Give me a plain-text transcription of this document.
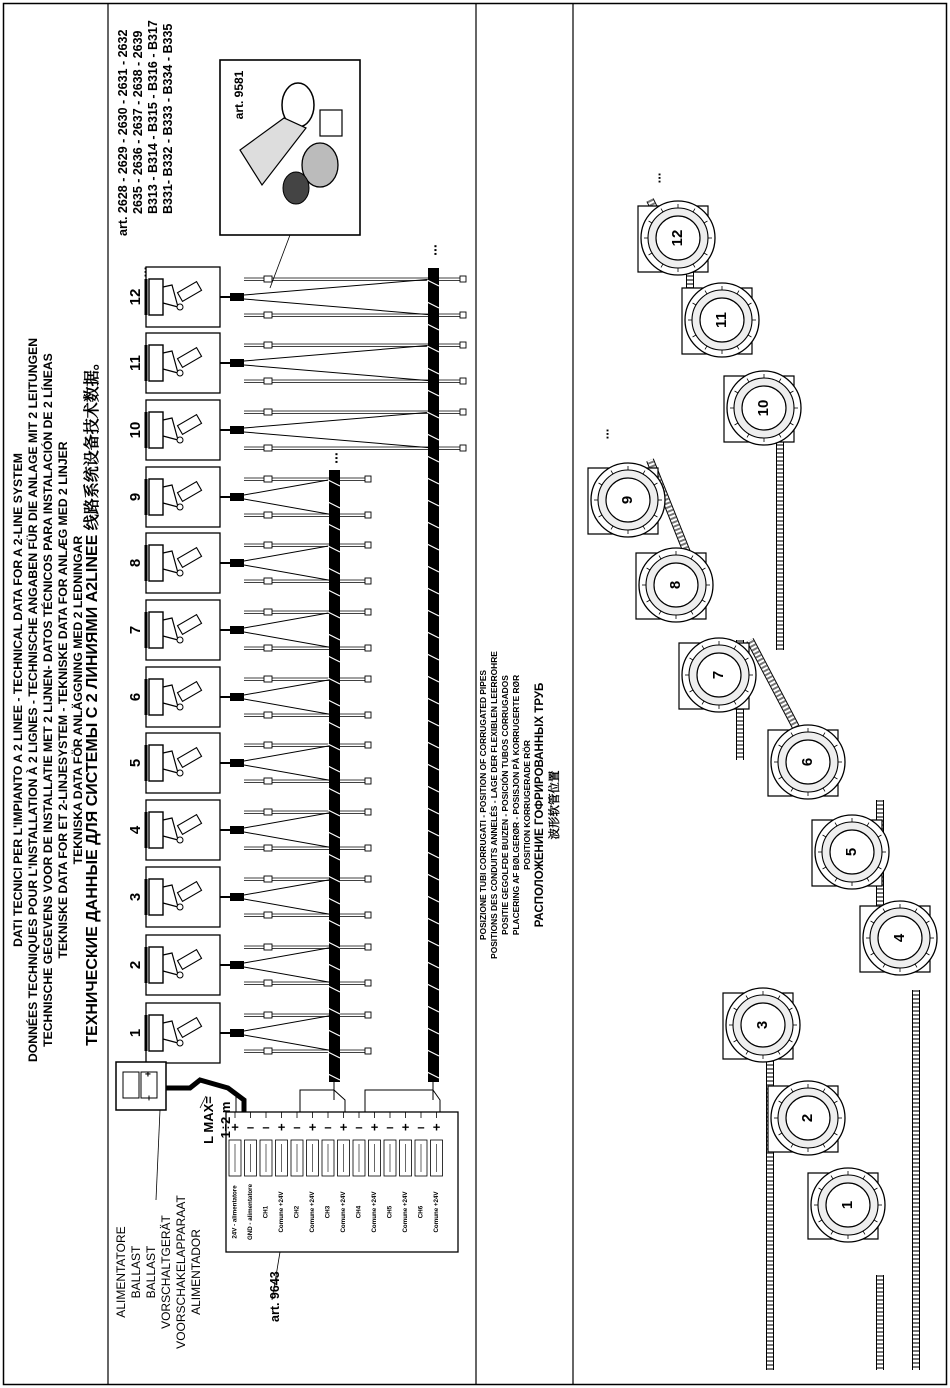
1
2
3
4
5
6
7
8
9
10
11
12
...
...
...
...
...
+
24V - alimentatore
–
GND - alimentatore
–
CH1
+
Comune +24V
–
CH2
+
Comune +24V
–
CH3
+
Comune +24V
–
CH4
+
Comune +24V
–
CH5
+
Comune +24V
–
CH6
+
Comune +24V
+
–
art. 9581
1
2
3
4
5
6
7
8
9
10
11
12
DATI TECNICI PER L'IMPIANTO A 2 LINEE - TECHNICAL DATA FOR A 2-LINE SYSTEM DONNÉES TECHNIQUES POUR L'INSTALLATION À 2 LIGNES - TECHNISCHE ANGABEN FÜR DIE ANLAGE MIT 2 LEITUNGEN TECHNISCHE GEGEVENS VOOR DE INSTALLATIE MET 2 LIJNEN- DATOS TÉCNICOS PARA INSTALACIÓN DE 2 LÍNEAS TEKNISKE DATA FOR ET 2-LINJESYSTEM - TEKNISKE DATA FOR ANLÆG MED 2 LINJER TEKNISKA DATA FÖR ANLÄGGNING MED 2 LEDNINGAR ТЕХНИЧЕСКИЕ ДАННЫЕ ДЛЯ СИСТЕМЫ С 2 ЛИНИЯМИ A2LINEE 线路系统设备技术数据。
ALIMENTATORE BALLAST BALLAST VORSCHALTGERÄT VOORSCHAKELAPPARAAT ALIMENTADOR
L MAX= 1÷2 m
art. 9643
art. 2628 - 2629 - 2630 - 2631 - 2632 2635 - 2636 - 2637 - 2638 - 2639 B313 - B314 - B315 - B316 - B317 B331- B332 - B333 - B334 - B335
POSIZIONE TUBI CORRUGATI - POSITION OF CORRUGATED PIPES POSITIONS DES CONDUITS ANNELÉS - LAGE DER FLEXIBLEN LEERROHRE POSITIE GEGOLFDE BUIZEN - POSICIÓN TUBOS CORRUGADOS PLACERING AF BØLGERØR - POSISJON PÅ KORRUGERTE RØR POSITION KORRUGERADE RÖR РАСПОЛОЖЕНИЕ ГОФРИРОВАННЫХ ТРУБ 波形软管位置
